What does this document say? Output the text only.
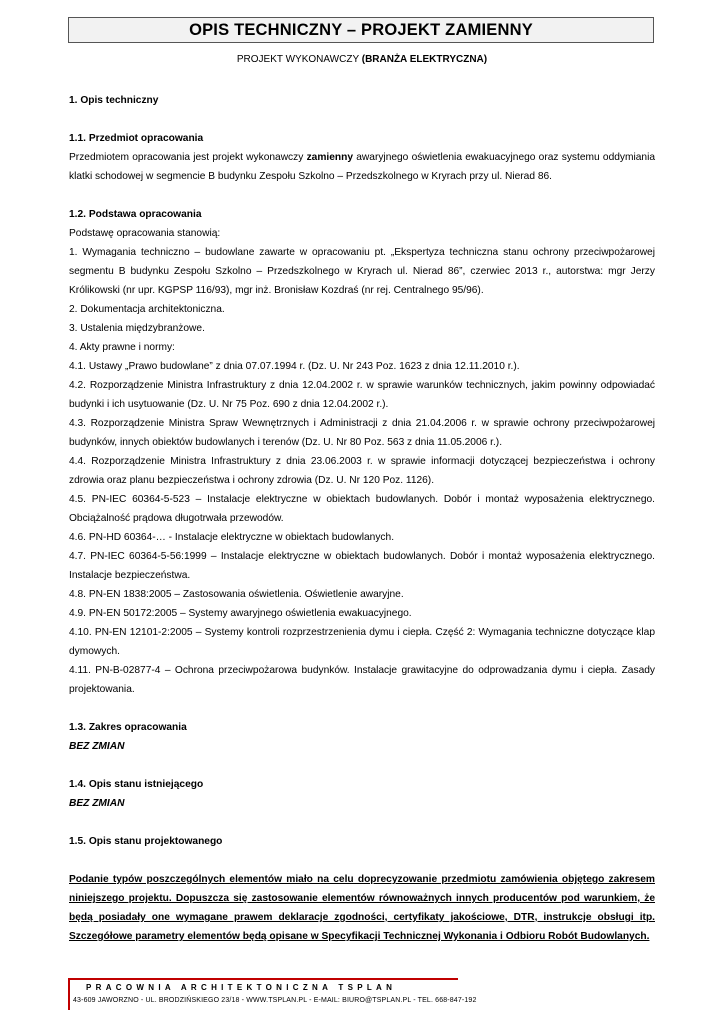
OPIS TECHNICZNY – PROJEKT ZAMIENNY
PROJEKT WYKONAWCZY (BRANŻA ELEKTRYCZNA)

1. Opis techniczny

1.1. Przedmiot opracowania

Przedmiotem opracowania jest projekt wykonawczy zamienny awaryjnego oświetlenia ewakuacyjnego oraz systemu oddymiania klatki schodowej w segmencie B budynku Zespołu Szkolno – Przedszkolnego w Kryrach przy ul. Nierad 86.

1.2. Podstawa opracowania

Podstawę opracowania stanowią:

1. Wymagania techniczno – budowlane zawarte w opracowaniu pt. „Ekspertyza techniczna stanu ochrony przeciwpożarowej segmentu B budynku Zespołu Szkolno – Przedszkolnego w Kryrach ul. Nierad 86”, czerwiec 2013 r., autorstwa: mgr Jerzy Królikowski (nr upr. KGPSP 116/93), mgr inż. Bronisław Kozdraś (nr rej. Centralnego 95/96).

2. Dokumentacja architektoniczna.

3. Ustalenia międzybranżowe.

4. Akty prawne i normy:

4.1. Ustawy „Prawo budowlane” z dnia 07.07.1994 r. (Dz. U. Nr 243 Poz. 1623 z dnia 12.11.2010 r.).

4.2. Rozporządzenie Ministra Infrastruktury z dnia 12.04.2002 r. w sprawie warunków technicznych, jakim powinny odpowiadać budynki i ich usytuowanie (Dz. U. Nr 75 Poz. 690 z dnia 12.04.2002 r.).

4.3. Rozporządzenie Ministra Spraw Wewnętrznych i Administracji z dnia 21.04.2006 r. w sprawie ochrony przeciwpożarowej budynków, innych obiektów budowlanych i terenów (Dz. U. Nr 80 Poz. 563 z dnia 11.05.2006 r.).

4.4. Rozporządzenie Ministra Infrastruktury z dnia 23.06.2003 r. w sprawie informacji dotyczącej bezpieczeństwa i ochrony zdrowia oraz planu bezpieczeństwa i ochrony zdrowia (Dz. U. Nr 120 Poz. 1126).

4.5. PN-IEC 60364-5-523 – Instalacje elektryczne w obiektach budowlanych. Dobór i montaż wyposażenia elektrycznego. Obciążalność prądowa długotrwała przewodów.

4.6. PN-HD 60364-… - Instalacje elektryczne w obiektach budowlanych.

4.7. PN-IEC 60364-5-56:1999 – Instalacje elektryczne w obiektach budowlanych. Dobór i montaż wyposażenia elektrycznego. Instalacje bezpieczeństwa.

4.8. PN-EN 1838:2005 – Zastosowania oświetlenia. Oświetlenie awaryjne.

4.9. PN-EN 50172:2005 – Systemy awaryjnego oświetlenia ewakuacyjnego.

4.10. PN-EN 12101-2:2005 – Systemy kontroli rozprzestrzenienia dymu i ciepła. Część 2: Wymagania techniczne dotyczące klap dymowych.

4.11. PN-B-02877-4 – Ochrona przeciwpożarowa budynków. Instalacje grawitacyjne do odprowadzania dymu i ciepła. Zasady projektowania.

1.3. Zakres opracowania

BEZ ZMIAN

1.4. Opis stanu istniejącego

BEZ ZMIAN

1.5. Opis stanu projektowanego

Podanie typów poszczególnych elementów miało na celu doprecyzowanie przedmiotu zamówienia objętego zakresem niniejszego projektu. Dopuszcza się zastosowanie elementów równoważnych innych producentów pod warunkiem, że będą posiadały one wymagane prawem deklaracje zgodności, certyfikaty jakościowe, DTR, instrukcje obsługi itp. Szczegółowe parametry elementów będą opisane w Specyfikacji Technicznej Wykonania i Odbioru Robót Budowlanych.

PRACOWNIA ARCHITEKTONICZNA TSPLAN
43-609 JAWORZNO - UL. BRODZIŃSKIEGO 23/18 - WWW.TSPLAN.PL - E-MAIL: BIURO@TSPLAN.PL - TEL. 668-847-192
